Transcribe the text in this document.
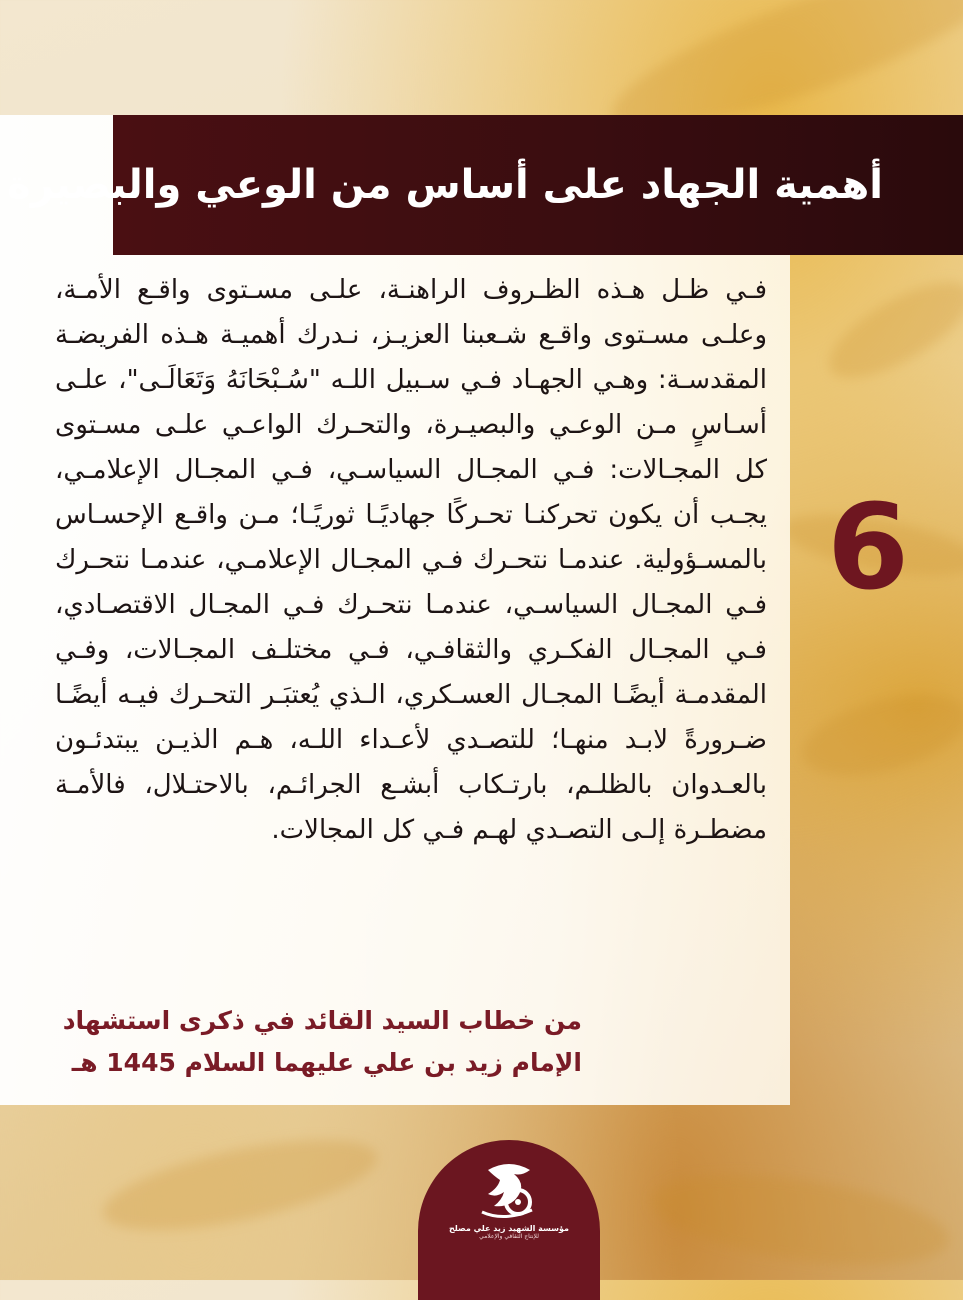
أهمية الجهاد على أساس من الوعي والبصيرة

فـي ظـل هـذه الظـروف الراهنـة، علـى مسـتوى واقـع الأمـة، وعلـى مسـتوى واقـع شـعبنا العزيـز، نـدرك أهميـة هـذه الفريضـة المقدسـة: وهـي الجهـاد فـي سـبيل اللـه "سُـبْحَانَهُ وَتَعَالَـى"، علـى أسـاسٍ مـن الوعـي والبصيـرة، والتحـرك الواعـي علـى مسـتوى كل المجـالات: فـي المجـال السياسـي، فـي المجـال الإعلامـي، يجـب أن يكون تحركنـا تحـركًا جهاديًـا ثوريًـا؛ مـن واقـع الإحسـاس بالمسـؤولية. عندمـا نتحـرك فـي المجـال الإعلامـي، عندمـا نتحـرك فـي المجـال السياسـي، عندمـا نتحـرك فـي المجـال الاقتصـادي، فـي المجـال الفكـري والثقافـي، فـي مختلـف المجـالات، وفـي المقدمـة أيضًـا المجـال العسـكري، الـذي يُعتبَـر التحـرك فيـه أيضًـا ضـرورةً لابـد منهـا؛ للتصـدي لأعـداء اللـه، هـم الذيـن يبتدئـون بالعـدوان بالظلـم، بارتـكاب أبشـع الجرائـم، بالاحتـلال، فالأمـة مضطـرة إلـى التصـدي لهـم فـي كل المجالات.

6
من خطاب السيد القائد في ذكرى استشهاد
الإمام زيد بن علي عليهما السلام 1445 هـ
مؤسسة الشهيد زيد علي مصلح
للإنتاج الثقافي والإعلامي
